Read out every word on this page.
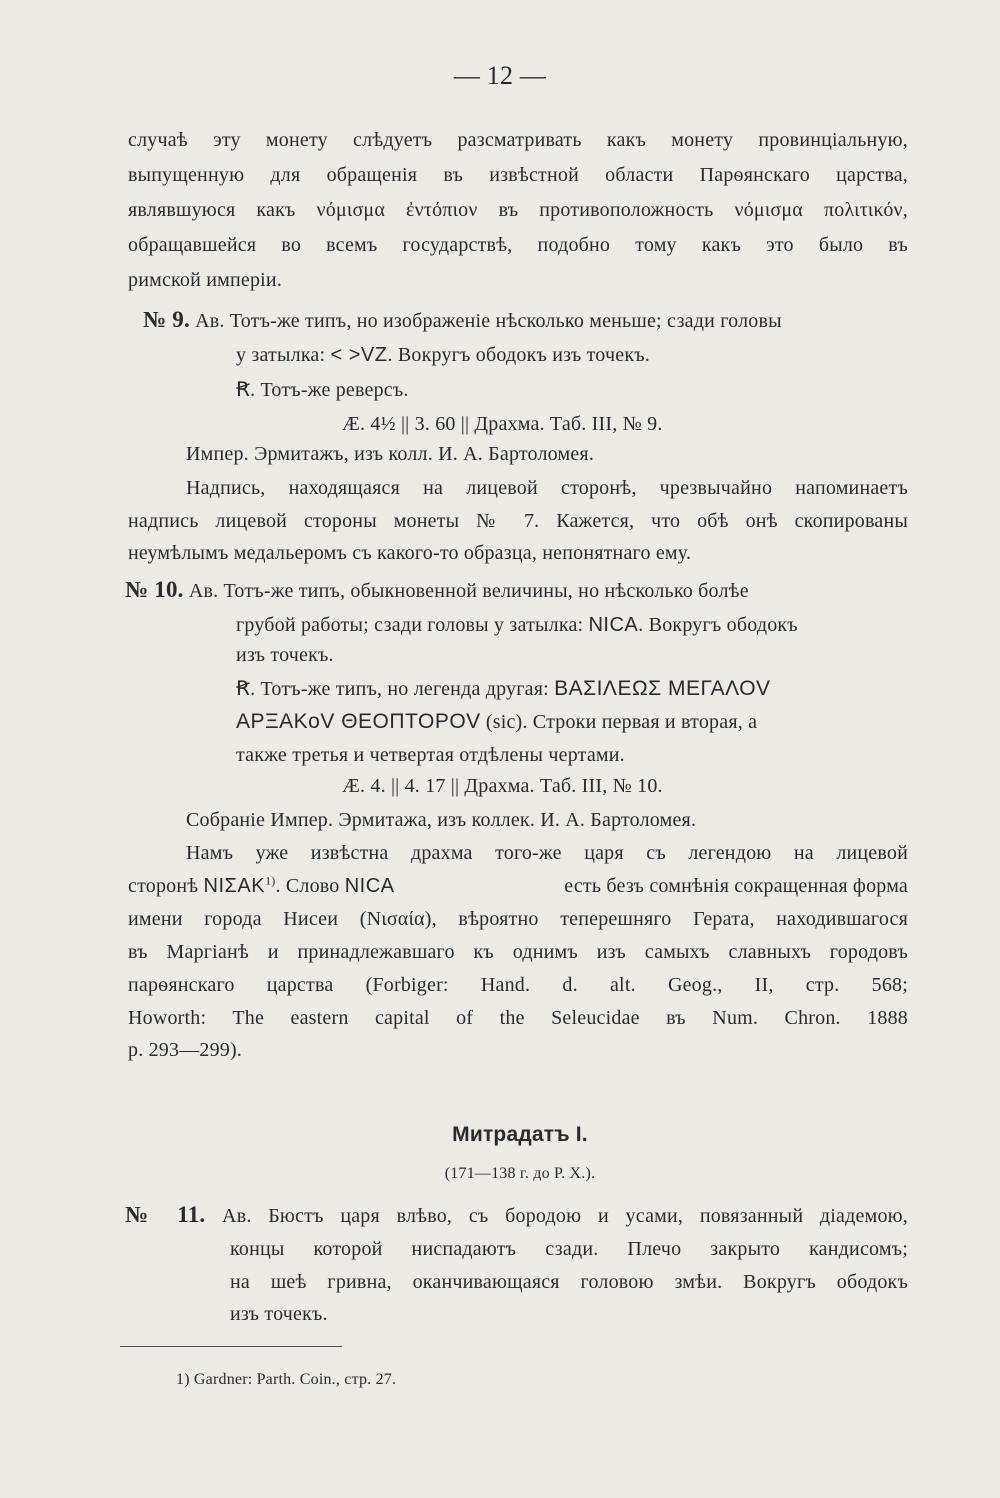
— 12 —
случаѣ эту монету слѣдуетъ разсматривать какъ монету провинціальную,
выпущенную для обращенія въ извѣстной области Парѳянскаго царства,
являвшуюся какъ νόμισμα ἐντόπιον въ противоположность νόμισμα πολιτικόν,
обращавшейся во всемъ государствѣ, подобно тому какъ это было въ
римской имперіи.
№ 9. Ав. Тотъ-же типъ, но изображеніе нѣсколько меньше; сзади головы
у затылка: < >VZ. Вокругъ ободокъ изъ точекъ.
Ꞧ. Тотъ-же реверсъ.
Æ. 4½ || 3. 60 || Драхма. Таб. III, № 9.
Импер. Эрмитажъ, изъ колл. И. А. Бартоломея.
Надпись, находящаяся на лицевой сторонѣ, чрезвычайно напоминаетъ
надпись лицевой стороны монеты № 7. Кажется, что обѣ онѣ скопированы
неумѣлымъ медальеромъ съ какого-то образца, непонятнаго ему.
№ 10. Ав. Тотъ-же типъ, обыкновенной величины, но нѣсколько болѣе
грубой работы; сзади головы у затылка: NICA. Вокругъ ободокъ
изъ точекъ.
Ꞧ. Тотъ-же типъ, но легенда другая: ΒΑΣΙΛΕΩΣ ΜΕΓΑΛΟV
ΑΡΞΑΚoV ΘΕΟΠΤΟΡΟV (sic). Строки первая и вторая, а
также третья и четвертая отдѣлены чертами.
Æ. 4. || 4. 17 || Драхма. Таб. III, № 10.
Собраніе Импер. Эрмитажа, изъ коллек. И. А. Бартоломея.
Намъ уже извѣстна драхма того-же царя съ легендою на лицевой
сторонѣ NIΣAK$^{1)}$. Слово NICA	есть безъ сомнѣнія сокращенная форма
имени города Нисеи (Νισαία), вѣроятно теперешняго Герата, находившагося
въ Маргіанѣ и принадлежавшаго къ однимъ изъ самыхъ славныхъ городовъ
парѳянскаго царства (Forbiger: Hand. d. alt. Geog., II, стр. 568;
Howorth: The eastern capital of the Seleucidae въ Num. Chron. 1888
p. 293—299).
Митрадатъ I.
(171—138 г. до Р. Х.).
№ 11. Ав. Бюстъ царя влѣво, съ бородою и усами, повязанный діадемою,
концы которой ниспадаютъ сзади. Плечо закрыто кандисомъ;
на шеѣ гривна, оканчивающаяся головою змѣи. Вокругъ ободокъ
изъ точекъ.
1) Gardner: Parth. Coin., стр. 27.
